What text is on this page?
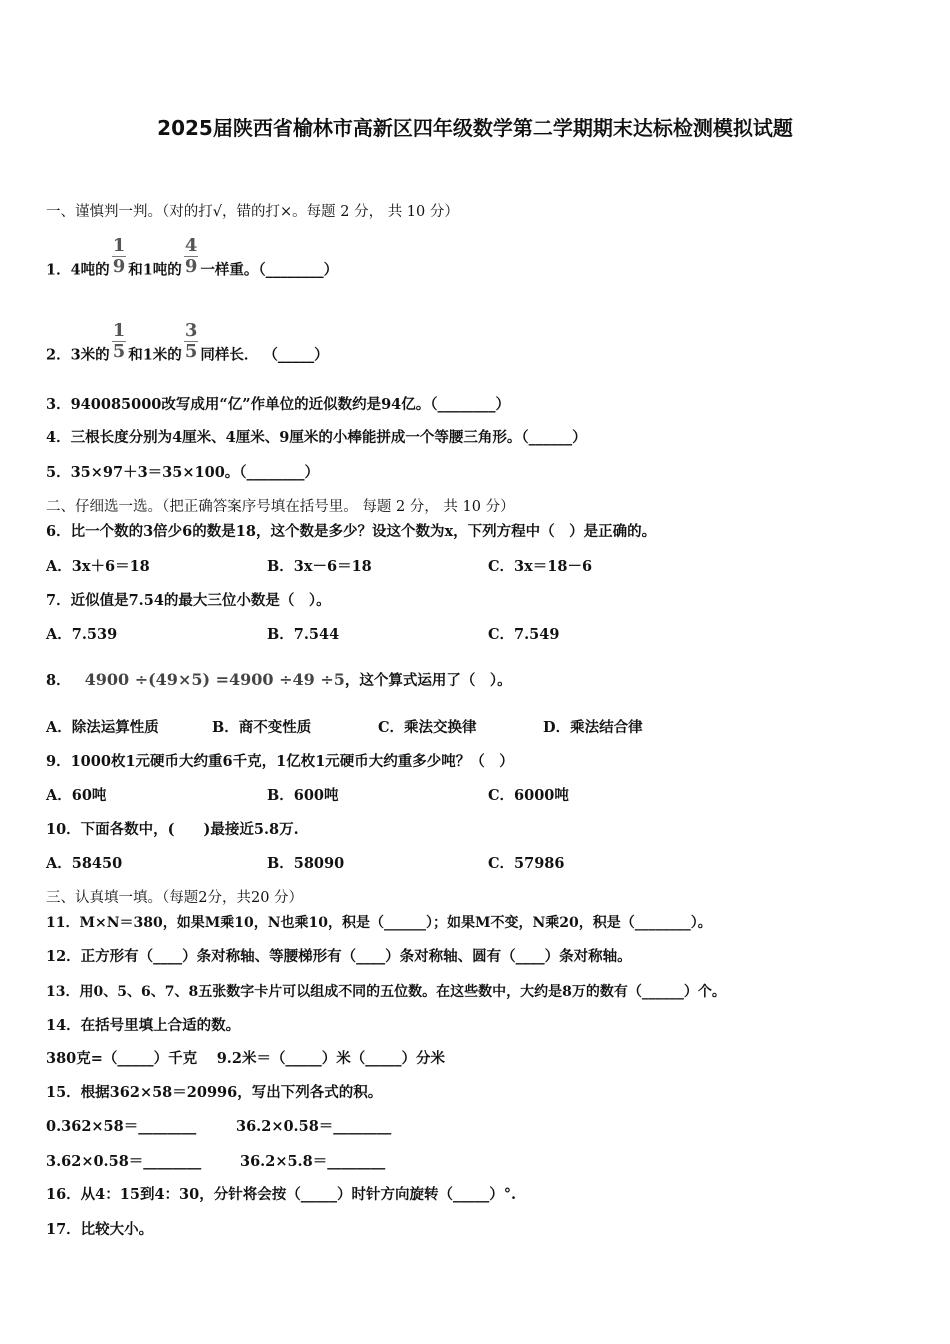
2025届陕西省榆林市高新区四年级数学第二学期期末达标检测模拟试题
一、谨慎判一判。（对的打√，错的打×。每题 2 分， 共 10 分）
1．4吨的 $\frac{1}{9}$ 和1吨的 $\frac{4}{9}$ 一样重。（________）
2．3米的 $\frac{1}{5}$ 和1米的 $\frac{3}{5}$ 同样长． （_____）
3．940085000改写成用“亿”作单位的近似数约是94亿。（________）
4．三根长度分别为4厘米、4厘米、9厘米的小棒能拼成一个等腰三角形。（______）
5．35×97＋3＝35×100。（________）
二、仔细选一选。（把正确答案序号填在括号里。 每题 2 分， 共 10 分）
6．比一个数的3倍少6的数是18，这个数是多少？设这个数为x，下列方程中（　）是正确的。
A．3x＋6＝18	B．3x－6＝18	C．3x＝18－6
7．近似值是7.54的最大三位小数是（　）。
A．7.539	B．7.544	C．7.549
8． 4900 ÷(49×5) =4900 ÷49 ÷5，这个算式运用了（　）。
A．除法运算性质	B．商不变性质	C．乘法交换律	D．乘法结合律
9．1000枚1元硬币大约重6千克，1亿枚1元硬币大约重多少吨？（　）
A．60吨	B．600吨	C．6000吨
10．下面各数中，(　　)最接近5.8万.
A．58450	B．58090	C．57986
三、认真填一填。（每题2分，共20 分）
11．M×N＝380，如果M乘10，N也乘10，积是（______）；如果M不变，N乘20，积是（________）。
12．正方形有（____）条对称轴、等腰梯形有（____）条对称轴、圆有（____）条对称轴。
13．用0、5、6、7、8五张数字卡片可以组成不同的五位数。在这些数中，大约是8万的数有（______）个。
14．在括号里填上合适的数。
380克=（_____）千克　 9.2米＝（_____）米（_____）分米
15．根据362×58＝20996，写出下列各式的积。
0.362×58＝________	36.2×0.58＝________
3.62×0.58＝________	36.2×5.8＝________
16．从4：15到4：30，分针将会按（_____）时针方向旋转（_____）°.
17．比较大小。
